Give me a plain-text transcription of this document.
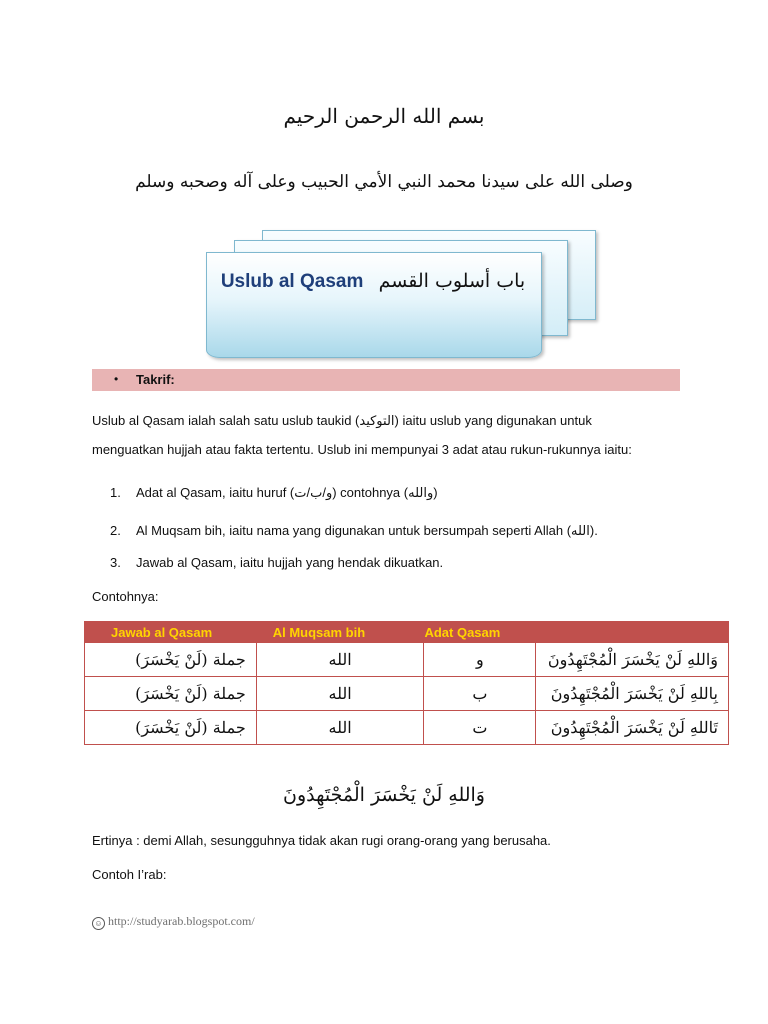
بسم الله الرحمن الرحيم
وصلى الله على سيدنا محمد النبي الأمي الحبيب وعلى آله وصحبه وسلم
Uslub al Qasam باب أسلوب القسم
• Takrif:
Uslub al Qasam ialah salah satu uslub taukid (التوكيد) iaitu uslub yang digunakan untuk
menguatkan hujjah atau fakta tertentu. Uslub ini mempunyai 3 adat atau rukun-rukunnya iaitu:
1. Adat al Qasam, iaitu huruf (و/ب/ت) contohnya (والله)
2. Al Muqsam bih, iaitu nama yang digunakan untuk bersumpah seperti Allah (الله).
3. Jawab al Qasam, iaitu hujjah yang hendak dikuatkan.
Contohnya:
Jawab al Qasam	Al Muqsam bih	Adat Qasam	
جملة (لَنْ يَخْسَرَ)	الله	و	وَاللهِ لَنْ يَخْسَرَ الْمُجْتَهِدُونَ
جملة (لَنْ يَخْسَرَ)	الله	ب	بِاللهِ لَنْ يَخْسَرَ الْمُجْتَهِدُونَ
جملة (لَنْ يَخْسَرَ)	الله	ت	تَاللهِ لَنْ يَخْسَرَ الْمُجْتَهِدُونَ
وَاللهِ لَنْ يَخْسَرَ الْمُجْتَهِدُونَ
Ertinya : demi Allah, sesungguhnya tidak akan rugi orang-orang yang berusaha.
Contoh I’rab:
☺ http://studyarab.blogspot.com/
